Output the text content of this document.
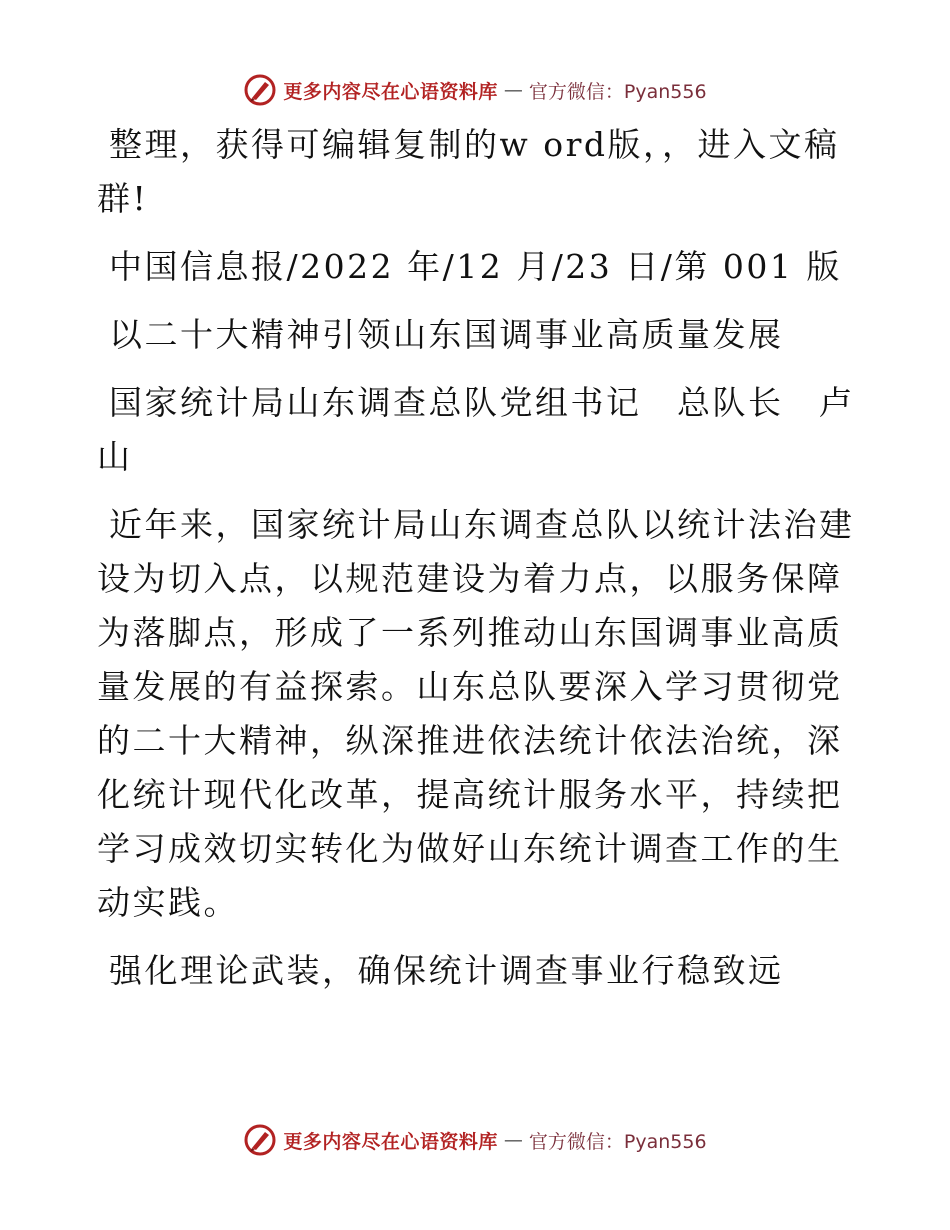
更多内容尽在心语资料库 — 官方微信：Pyan556

整理，获得可编辑复制的w ord版，，进入文稿群!

中国信息报/2022 年/12 月/23 日/第 001 版

以二十大精神引领山东国调事业高质量发展

国家统计局山东调查总队党组书记　总队长　卢山

近年来，国家统计局山东调查总队以统计法治建设为切入点，以规范建设为着力点，以服务保障为落脚点，形成了一系列推动山东国调事业高质量发展的有益探索。山东总队要深入学习贯彻党的二十大精神，纵深推进依法统计依法治统，深化统计现代化改革，提高统计服务水平，持续把学习成效切实转化为做好山东统计调查工作的生动实践。

强化理论武装，确保统计调查事业行稳致远

更多内容尽在心语资料库 — 官方微信：Pyan556
